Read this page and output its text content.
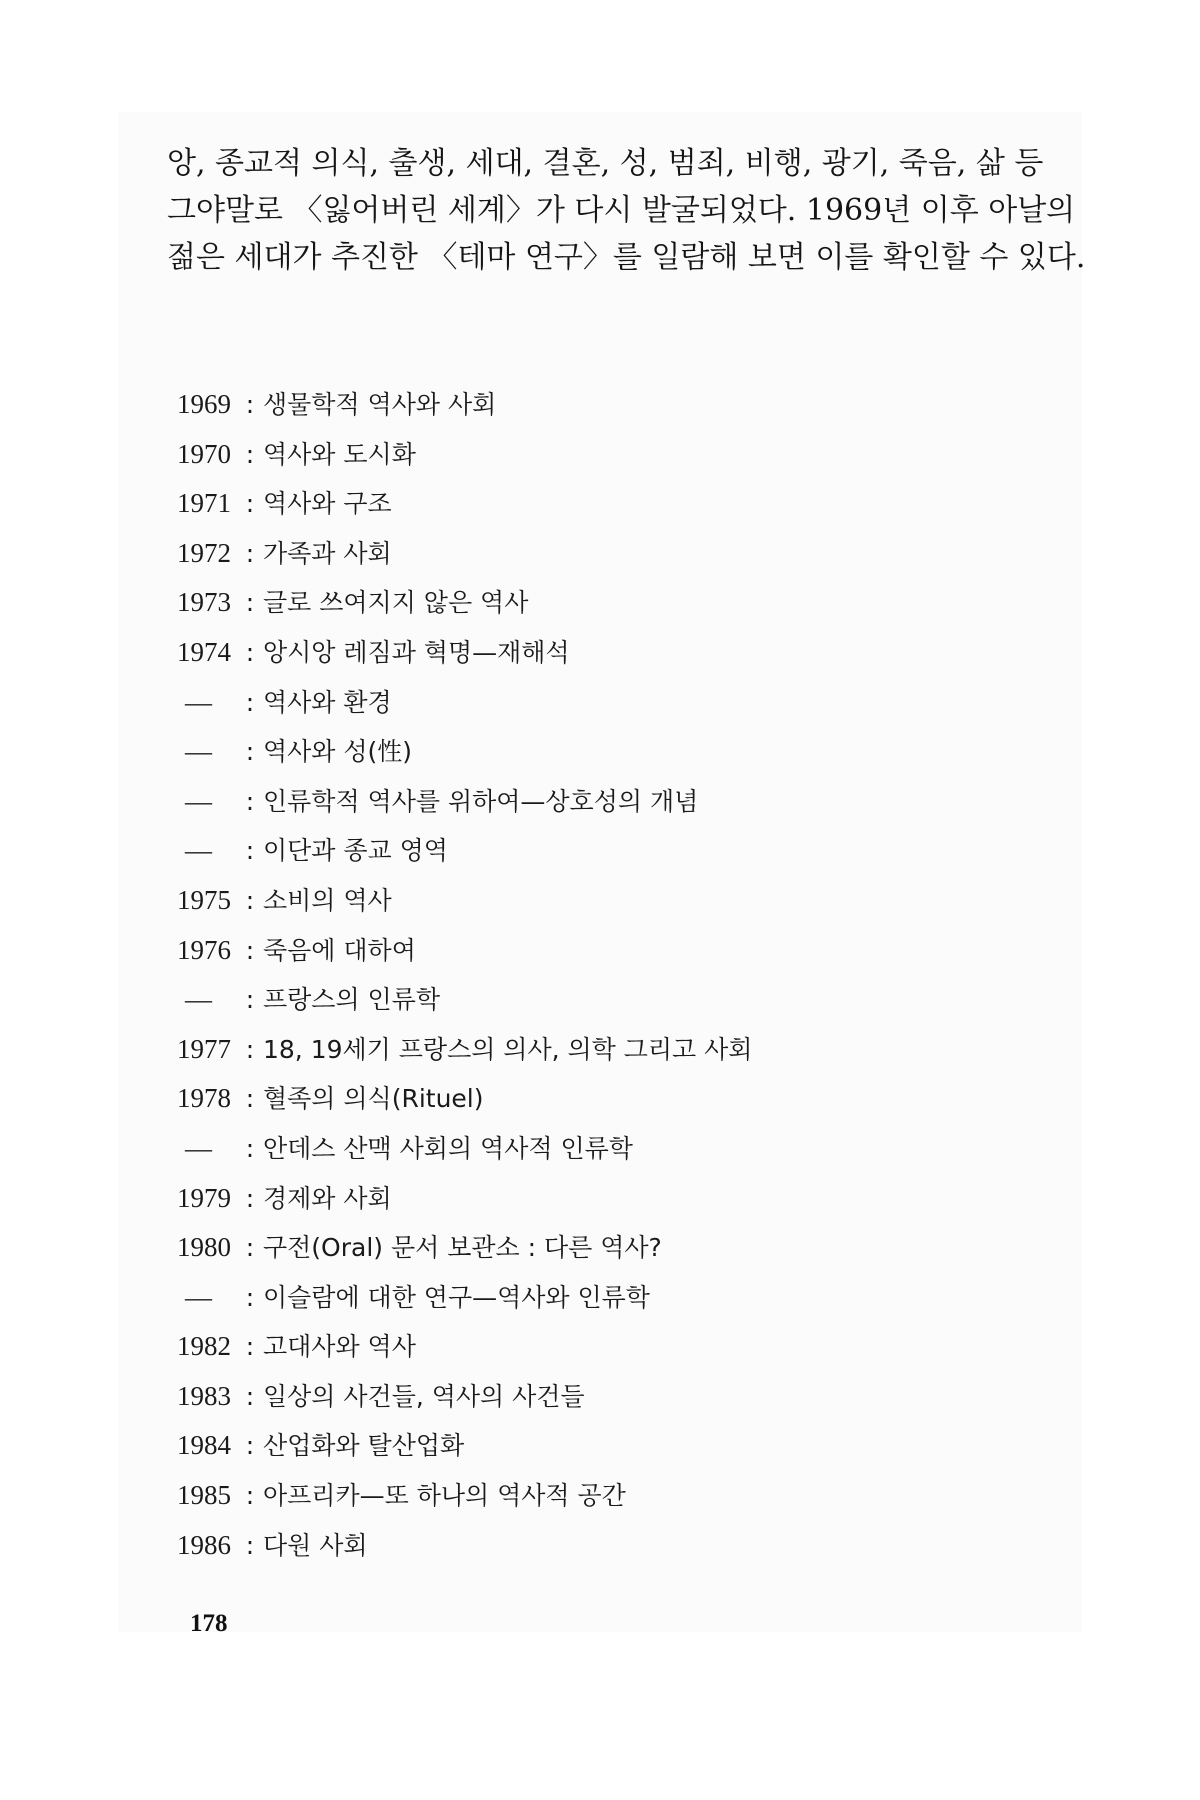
앙, 종교적 의식, 출생, 세대, 결혼, 성, 범죄, 비행, 광기, 죽음, 삶 등
그야말로 〈잃어버린 세계〉가 다시 발굴되었다. 1969년 이후 아날의
젊은 세대가 추진한 〈테마 연구〉를 일람해 보면 이를 확인할 수 있다.
1969 : 생물학적 역사와 사회
1970 : 역사와 도시화
1971 : 역사와 구조
1972 : 가족과 사회
1973 : 글로 쓰여지지 않은 역사
1974 : 앙시앙 레짐과 혁명—재해석
—	: 역사와 환경
—	: 역사와 성(性)
—	: 인류학적 역사를 위하여—상호성의 개념
—	: 이단과 종교 영역
1975 : 소비의 역사
1976 : 죽음에 대하여
—	: 프랑스의 인류학
1977 : 18, 19세기 프랑스의 의사, 의학 그리고 사회
1978 : 혈족의 의식(Rituel)
—	: 안데스 산맥 사회의 역사적 인류학
1979 : 경제와 사회
1980 : 구전(Oral) 문서 보관소 : 다른 역사?
—	: 이슬람에 대한 연구—역사와 인류학
1982 : 고대사와 역사
1983 : 일상의 사건들, 역사의 사건들
1984 : 산업화와 탈산업화
1985 : 아프리카—또 하나의 역사적 공간
1986 : 다원 사회
178
